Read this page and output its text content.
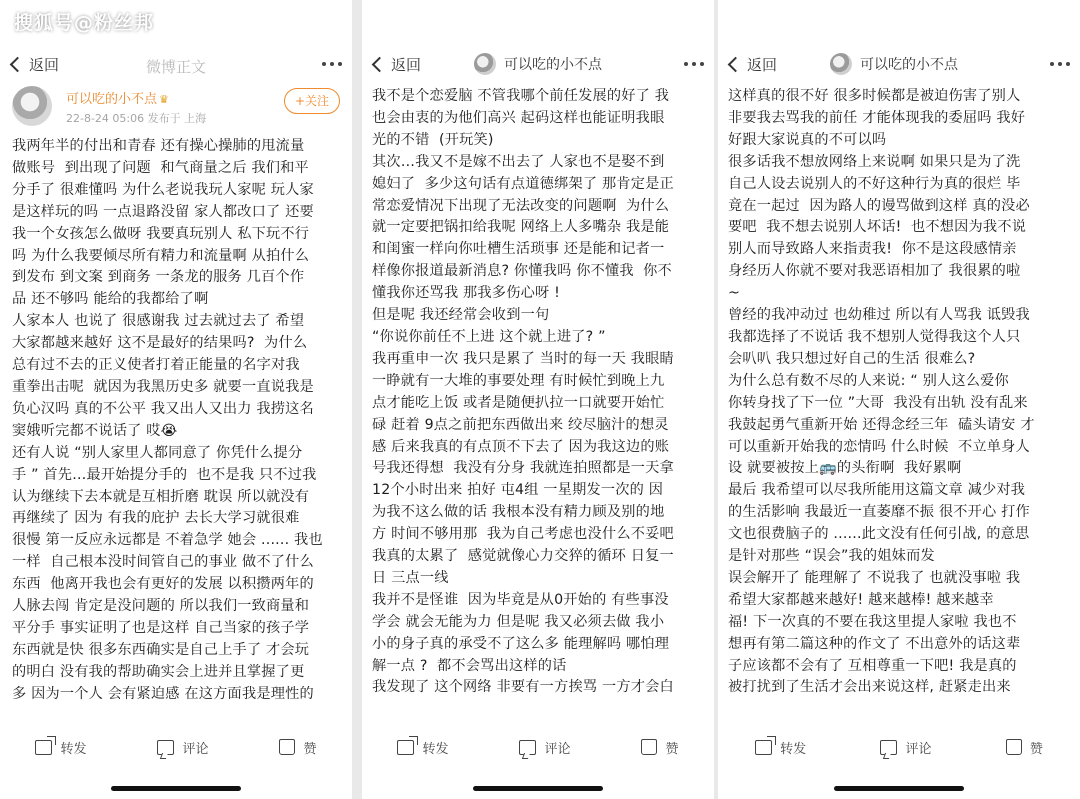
搜狐号@粉丝邦
返回	微博正文
可以吃的小不点 ♛
22-8-24 05:06 发布于 上海
+关注
我两年半的付出和青春 还有操心操肺的甩流量
做账号  到出现了问题  和气商量之后 我们和平
分手了 很难懂吗 为什么老说我玩人家呢 玩人家
是这样玩的吗 一点退路没留 家人都改口了 还要
我一个女孩怎么做呀 我要真玩别人 私下玩不行
吗 为什么我要倾尽所有精力和流量啊 从拍什么
到发布 到文案 到商务 一条龙的服务 几百个作
品 还不够吗 能给的我都给了啊
人家本人 也说了 很感谢我 过去就过去了 希望
大家都越来越好 这不是最好的结果吗?  为什么
总有过不去的正义使者打着正能量的名字对我
重拳出击呢  就因为我黑历史多 就要一直说我是
负心汉吗 真的不公平 我又出人又出力 我捞这名
窦娥听完都不说话了 哎😭
还有人说 “别人家里人都同意了 你凭什么提分
手 ” 首先…最开始提分手的  也不是我 只不过我
认为继续下去本就是互相折磨 耽误 所以就没有
再继续了 因为 有我的庇护 去长大学习就很难
很慢 第一反应永远都是 不着急学 她会 ...... 我也
一样  自己根本没时间管自己的事业 做不了什么
东西  他离开我也会有更好的发展 以积攒两年的
人脉去闯 肯定是没问题的 所以我们一致商量和
平分手 事实证明了也是这样 自己当家的孩子学
东西就是快 很多东西确实是自己上手了 才会玩
的明白 没有我的帮助确实会上进并且掌握了更
多 因为一个人 会有紧迫感 在这方面我是理性的
转发	评论	赞
返回	可以吃的小不点
我不是个恋爱脑 不管我哪个前任发展的好了 我
也会由衷的为他们高兴 起码这样也能证明我眼
光的不错  (开玩笑)
其次…我又不是嫁不出去了 人家也不是娶不到
媳妇了  多少这句话有点道德绑架了 那肯定是正
常恋爱情况下出现了无法改变的问题啊  为什么
就一定要把锅扣给我呢 网络上人多嘴杂 我是能
和闺蜜一样向你吐槽生活琐事 还是能和记者一
样像你报道最新消息? 你懂我吗 你不懂我  你不
懂我你还骂我 那我多伤心呀 !
但是呢 我还经常会收到一句
“你说你前任不上进 这个就上进了? ”
我再重申一次 我只是累了 当时的每一天 我眼睛
一睁就有一大堆的事要处理 有时候忙到晚上九
点才能吃上饭 或者是随便扒拉一口就要开始忙
碌 赶着 9点之前把东西做出来 绞尽脑汁的想灵
感 后来我真的有点顶不下去了 因为我这边的账
号我还得想  我没有分身 我就连拍照都是一天拿
12个小时出来 拍好 屯4组 一星期发一次的 因
为我不这么做的话 我根本没有精力顾及别的地
方 时间不够用那  我为自己考虑也没什么不妥吧
我真的太累了  感觉就像心力交猝的循环 日复一
日 三点一线
我并不是怪谁  因为毕竟是从0开始的 有些事没
学会 就会无能为力 但是呢 我又必须去做 我小
小的身子真的承受不了这么多 能理解吗 哪怕理
解一点 ?  都不会骂出这样的话
我发现了 这个网络 非要有一方挨骂 一方才会白
转发	评论	赞
返回	可以吃的小不点
这样真的很不好 很多时候都是被迫伤害了别人
非要我去骂我的前任 才能体现我的委屈吗 我好
好跟大家说真的不可以吗
很多话我不想放网络上来说啊 如果只是为了洗
自己人设去说别人的不好这种行为真的很烂 毕
竟在一起过  因为路人的谩骂做到这样 真的没必
要吧  我不想去说别人坏话!  也不想因为我不说
别人而导致路人来指责我!  你不是这段感情亲
身经历人你就不要对我恶语相加了 我很累的啦
~
曾经的我冲动过 也幼稚过 所以有人骂我 诋毁我
我都选择了不说话 我不想别人觉得我这个人只
会叭叭 我只想过好自己的生活 很难么?
为什么总有数不尽的人来说: “ 别人这么爱你
你转身找了下一位 ”大哥  我没有出轨 没有乱来
我鼓起勇气重新开始 还得念经三年  磕头请安 才
可以重新开始我的恋情吗 什么时候  不立单身人
设 就要被按上🚌的头衔啊  我好累啊
最后 我希望可以尽我所能用这篇文章 减少对我
的生活影响 我最近一直萎靡不振 很不开心 打作
文也很费脑子的 ......此文没有任何引战, 的意思
是针对那些 “误会”我的姐妹而发
误会解开了 能理解了 不说我了 也就没事啦 我
希望大家都越来越好! 越来越棒! 越来越幸
福! 下一次真的不要在我这里提人家啦 我也不
想再有第二篇这种的作文了 不出意外的话这辈
子应该都不会有了 互相尊重一下吧! 我是真的
被打扰到了生活才会出来说这样, 赶紧走出来
转发	评论	赞
